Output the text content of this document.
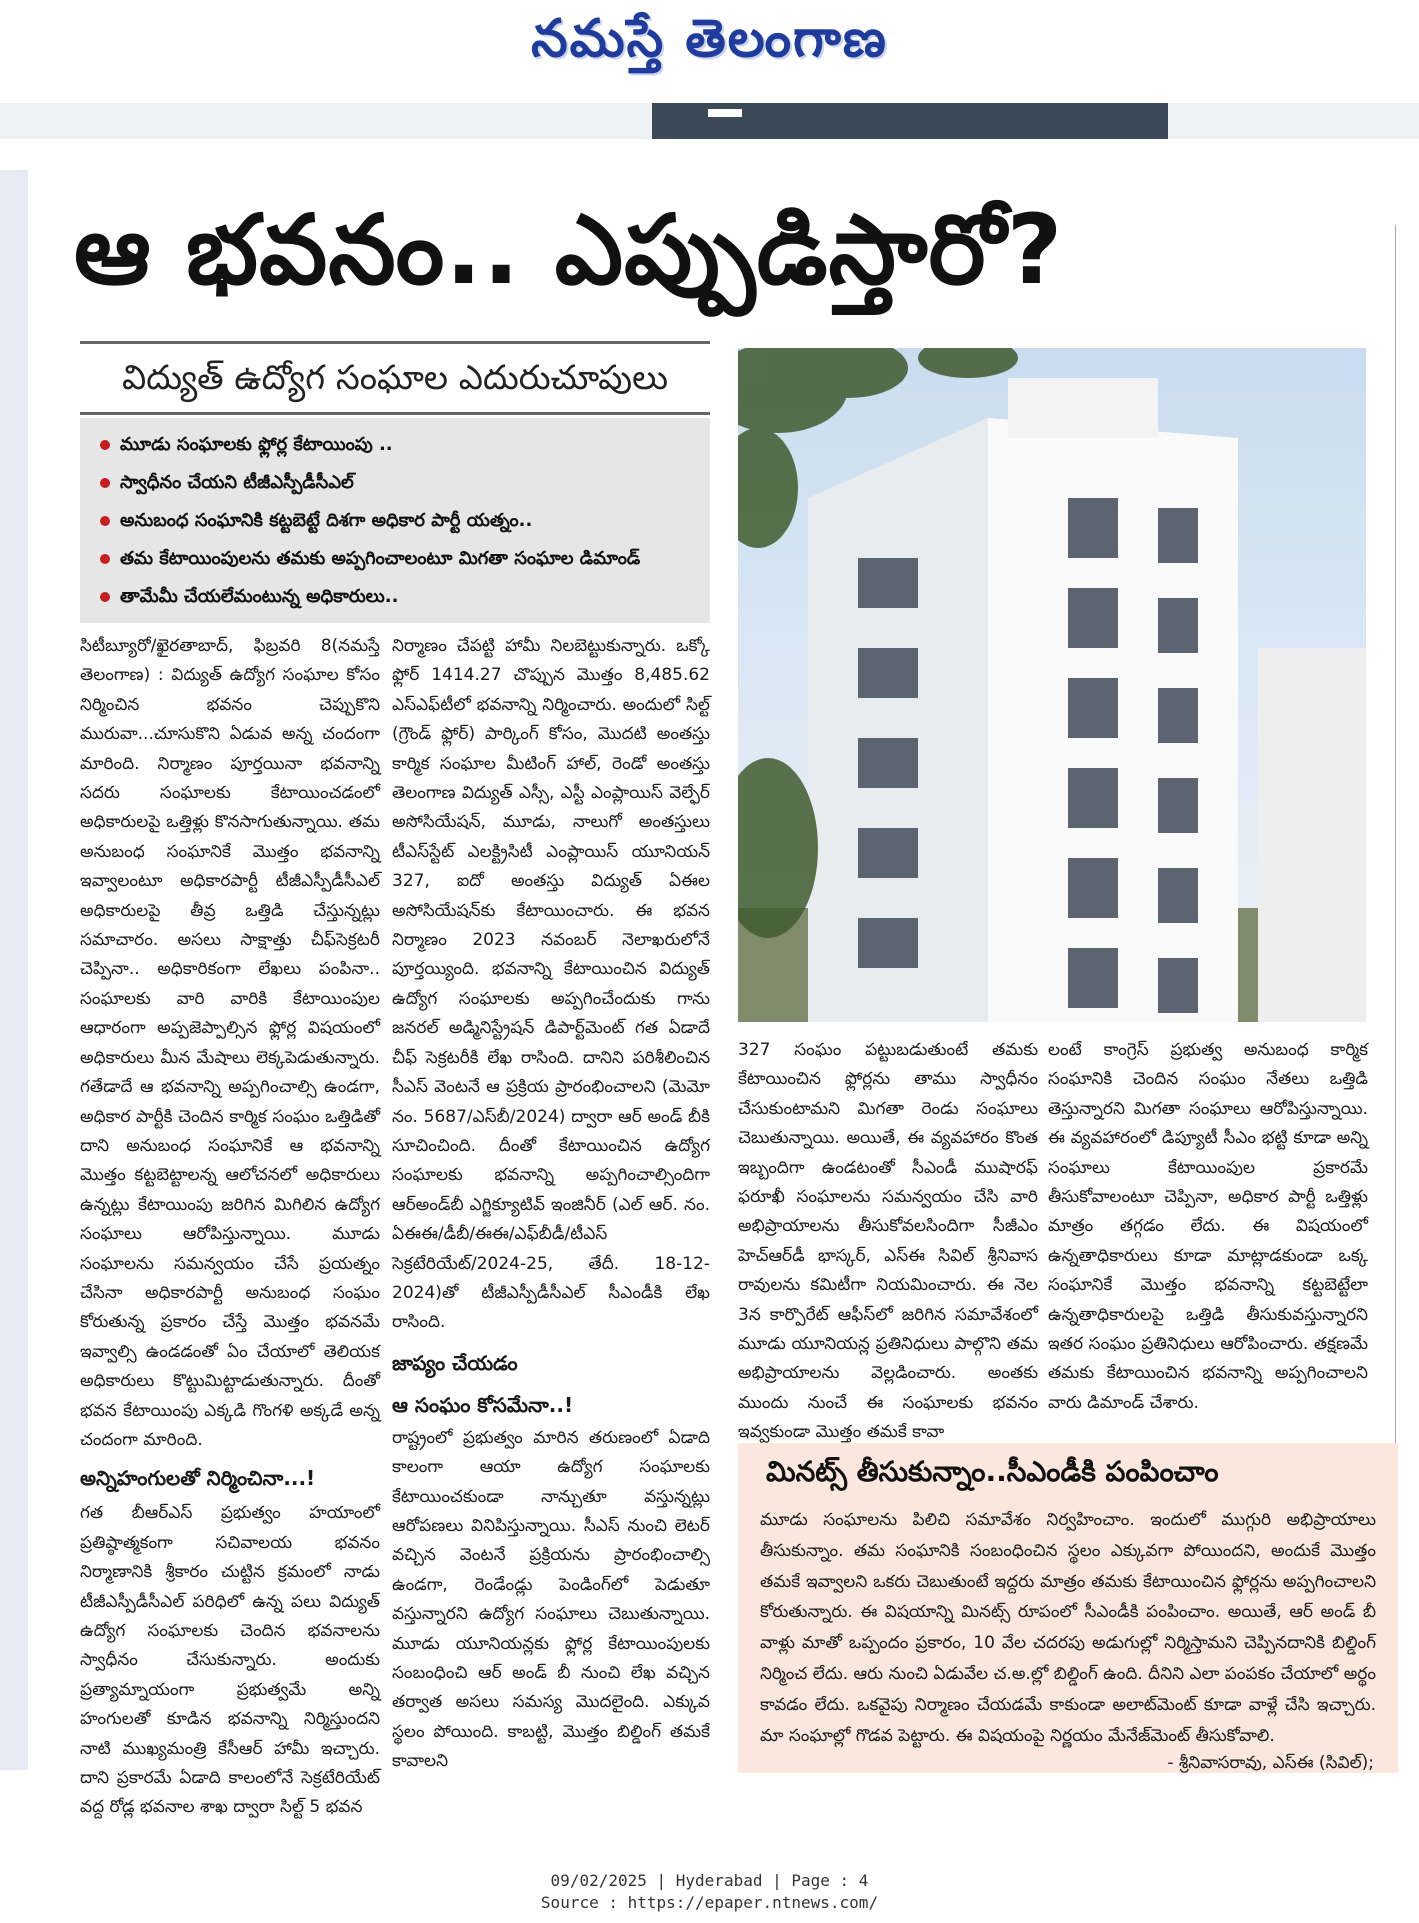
నమస్తే తెలంగాణ
ఆ భవనం.. ఎప్పుడిస్తారో?
విద్యుత్ ఉద్యోగ సంఘాల ఎదురుచూపులు
మూడు సంఘాలకు ఫ్లోర్ల కేటాయింపు ..
స్వాధీనం చేయని టీజీఎస్పీడీసీఎల్
అనుబంధ సంఘానికి కట్టబెట్టే దిశగా అధికార పార్టీ యత్నం..
తమ కేటాయింపులను తమకు అప్పగించాలంటూ మిగతా సంఘాల డిమాండ్
తామేమీ చేయలేమంటున్న అధికారులు..

సిటీబ్యూరో/ఖైరతాబాద్, ఫిబ్రవరి 8(నమస్తే తెలంగాణ) : విద్యుత్ ఉద్యోగ సంఘాల కోసం నిర్మించిన భవనం చెప్పుకొని మురువా...చూసుకొని ఏడువ అన్న చందంగా మారింది. నిర్మాణం పూర్తయినా భవనాన్ని సదరు సంఘాలకు కేటాయించడంలో అధికారులపై ఒత్తిళ్లు కొనసాగుతున్నాయి. తమ అనుబంధ సంఘానికే మొత్తం భవనాన్ని ఇవ్వాలంటూ అధికారపార్టీ టీజీఎస్పీడీసీఎల్ అధికారులపై తీవ్ర ఒత్తిడి చేస్తున్నట్లు సమాచారం. అసలు సాక్షాత్తు చీఫ్‌సెక్రటరీ చెప్పినా.. అధికారికంగా లేఖలు పంపినా.. సంఘాలకు వారి వారికి కేటాయింపుల ఆధారంగా అప్పజెప్పాల్సిన ఫ్లోర్ల విషయంలో అధికారులు మీన మేషాలు లెక్కపెడుతున్నారు. గతేడాదే ఆ భవనాన్ని అప్పగించాల్సి ఉండగా, అధికార పార్టీకి చెందిన కార్మిక సంఘం ఒత్తిడితో దాని అనుబంధ సంఘానికే ఆ భవనాన్ని మొత్తం కట్టబెట్టాలన్న ఆలోచనలో అధికారులు ఉన్నట్లు కేటాయింపు జరిగిన మిగిలిన ఉద్యోగ సంఘాలు ఆరోపిస్తున్నాయి. మూడు సంఘాలను సమన్వయం చేసే ప్రయత్నం చేసినా అధికారపార్టీ అనుబంధ సంఘం కోరుతున్న ప్రకారం చేస్తే మొత్తం భవనమే ఇవ్వాల్సి ఉండడంతో ఏం చేయాలో తెలియక అధికారులు కొట్టుమిట్టాడుతున్నారు. దీంతో భవన కేటాయింపు ఎక్కడి గొంగళి అక్కడే అన్న చందంగా మారింది.

అన్నిహంగులతో నిర్మించినా...!

గత బీఆర్ఎస్ ప్రభుత్వం హయాంలో ప్రతిష్ఠాత్మకంగా సచివాలయ భవనం నిర్మాణానికి శ్రీకారం చుట్టిన క్రమంలో నాడు టీజీఎస్పీడీసీఎల్ పరిధిలో ఉన్న పలు విద్యుత్ ఉద్యోగ సంఘాలకు చెందిన భవనాలను స్వాధీనం చేసుకున్నారు. అందుకు ప్రత్యామ్నాయంగా ప్రభుత్వమే అన్ని హంగులతో కూడిన భవనాన్ని నిర్మిస్తుందని నాటి ముఖ్యమంత్రి కేసీఆర్ హామీ ఇచ్చారు. దాని ప్రకారమే ఏడాది కాలంలోనే సెక్రటేరియేట్ వద్ద రోడ్ల భవనాల శాఖ ద్వారా సిల్ట్ 5 భవన

నిర్మాణం చేపట్టి హామీ నిలబెట్టుకున్నారు. ఒక్కో ఫ్లోర్ 1414.27 చొప్పున మొత్తం 8,485.62 ఎస్ఎఫ్‌టీలో భవనాన్ని నిర్మించారు. అందులో సిల్ట్ (గ్రౌండ్ ఫ్లోర్) పార్కింగ్ కోసం, మొదటి అంతస్తు కార్మిక సంఘాల మీటింగ్ హాల్, రెండో అంతస్తు తెలంగాణ విద్యుత్ ఎస్సీ, ఎస్టీ ఎంప్లాయిస్ వెల్ఫేర్ అసోసియేషన్, మూడు, నాలుగో అంతస్తులు టీఎస్‌స్టేట్ ఎలక్ట్రిసిటీ ఎంప్లాయిస్ యూనియన్ 327, ఐదో అంతస్తు విద్యుత్ ఏఈల అసోసియేషన్‌కు కేటాయించారు. ఈ భవన నిర్మాణం 2023 నవంబర్ నెలాఖరులోనే పూర్తయ్యింది. భవనాన్ని కేటాయించిన విద్యుత్ ఉద్యోగ సంఘాలకు అప్పగించేందుకు గాను జనరల్ అడ్మినిస్ట్రేషన్ డిపార్ట్‌మెంట్ గత ఏడాదే చీఫ్ సెక్రటరీకి లేఖ రాసింది. దానిని పరిశీలించిన సీఎస్ వెంటనే ఆ ప్రక్రియ ప్రారంభించాలని (మెమో నం. 5687/ఎస్‌బీ/2024) ద్వారా ఆర్ అండ్ బీకి సూచించింది. దీంతో కేటాయించిన ఉద్యోగ సంఘాలకు భవనాన్ని అప్పగించాల్సిందిగా ఆర్అండ్‌బీ ఎగ్జిక్యూటివ్ ఇంజినీర్ (ఎల్ ఆర్. నం. ఏఈఈ/డీబీ/ఈఈ/ఎఫ్‌బీడీ/టీఎస్ సెక్రటేరియేట్/2024-25, తేదీ. 18-12-2024)తో టీజీఎస్పీడీసీఎల్ సీఎండీకి లేఖ రాసింది.

జాప్యం చేయడం
ఆ సంఘం కోసమేనా..!

రాష్ట్రంలో ప్రభుత్వం మారిన తరుణంలో ఏడాది కాలంగా ఆయా ఉద్యోగ సంఘాలకు కేటాయించకుండా నాన్చుతూ వస్తున్నట్లు ఆరోపణలు వినిపిస్తున్నాయి. సీఎస్ నుంచి లెటర్ వచ్చిన వెంటనే ప్రక్రియను ప్రారంభించాల్సి ఉండగా, రెండేండ్లు పెండింగ్‌లో పెడుతూ వస్తున్నారని ఉద్యోగ సంఘాలు చెబుతున్నాయి. మూడు యూనియన్లకు ఫ్లోర్ల కేటాయింపులకు సంబంధించి ఆర్ అండ్ బీ నుంచి లేఖ వచ్చిన తర్వాత అసలు సమస్య మొదలైంది. ఎక్కువ స్థలం పోయింది. కాబట్టి, మొత్తం బిల్డింగ్ తమకే కావాలని

327 సంఘం పట్టుబడుతుంటే తమకు కేటాయించిన ఫ్లోర్లను తాము స్వాధీనం చేసుకుంటామని మిగతా రెండు సంఘాలు చెబుతున్నాయి. అయితే, ఈ వ్యవహారం కొంత ఇబ్బందిగా ఉండటంతో సీఎండీ ముషారఫ్ ఫరూఖీ సంఘాలను సమన్వయం చేసి వారి అభిప్రాయాలను తీసుకోవలసిందిగా సీజీఎం హెచ్ఆర్‌డీ భాస్కర్, ఎస్ఈ సివిల్ శ్రీనివాస రావులను కమిటీగా నియమించారు. ఈ నెల 3న కార్పొరేట్ ఆఫీస్‌లో జరిగిన సమావేశంలో మూడు యూనియన్ల ప్రతినిధులు పాల్గొని తమ అభిప్రాయాలను వెల్లడించారు. అంతకు ముందు నుంచే ఈ సంఘాలకు భవనం ఇవ్వకుండా మొత్తం తమకే కావా

లంటే కాంగ్రెస్ ప్రభుత్వ అనుబంధ కార్మిక సంఘానికి చెందిన సంఘం నేతలు ఒత్తిడి తెస్తున్నారని మిగతా సంఘాలు ఆరోపిస్తున్నాయి. ఈ వ్యవహారంలో డిప్యూటీ సీఎం భట్టి కూడా అన్ని సంఘాలు కేటాయింపుల ప్రకారమే తీసుకోవాలంటూ చెప్పినా, అధికార పార్టీ ఒత్తిళ్లు మాత్రం తగ్గడం లేదు. ఈ విషయంలో ఉన్నతాధికారులు కూడా మాట్లాడకుండా ఒక్క సంఘానికే మొత్తం భవనాన్ని కట్టబెట్టేలా ఉన్నతాధికారులపై ఒత్తిడి తీసుకువస్తున్నారని ఇతర సంఘం ప్రతినిధులు ఆరోపించారు. తక్షణమే తమకు కేటాయించిన భవనాన్ని అప్పగించాలని వారు డిమాండ్ చేశారు.

మినట్స్ తీసుకున్నాం..సీఎండీకి పంపించాం
మూడు సంఘాలను పిలిచి సమావేశం నిర్వహించాం. ఇందులో ముగ్గురి అభిప్రాయాలు తీసుకున్నాం. తమ సంఘానికి సంబంధించిన స్థలం ఎక్కువగా పోయిందని, అందుకే మొత్తం తమకే ఇవ్వాలని ఒకరు చెబుతుంటే ఇద్దరు మాత్రం తమకు కేటాయించిన ఫ్లోర్లను అప్పగించాలని కోరుతున్నారు. ఈ విషయాన్ని మినట్స్ రూపంలో సీఎండీకి పంపించాం. అయితే, ఆర్ అండ్ బీ వాళ్లు మాతో ఒప్పందం ప్రకారం, 10 వేల చదరపు అడుగుల్లో నిర్మిస్తామని చెప్పినదానికి బిల్డింగ్ నిర్మించ లేదు. ఆరు నుంచి ఏడువేల చ.అ.ల్లో బిల్డింగ్ ఉంది. దీనిని ఎలా పంపకం చేయాలో అర్థం కావడం లేదు. ఒకవైపు నిర్మాణం చేయడమే కాకుండా అలాట్‌మెంట్ కూడా వాళ్లే చేసి ఇచ్చారు. మా సంఘాల్లో గొడవ పెట్టారు. ఈ విషయంపై నిర్ణయం మేనేజ్‌మెంట్ తీసుకోవాలి.
- శ్రీనివాసరావు, ఎస్ఈ (సివిల్);
09/02/2025 | Hyderabad | Page : 4
Source : https://epaper.ntnews.com/
